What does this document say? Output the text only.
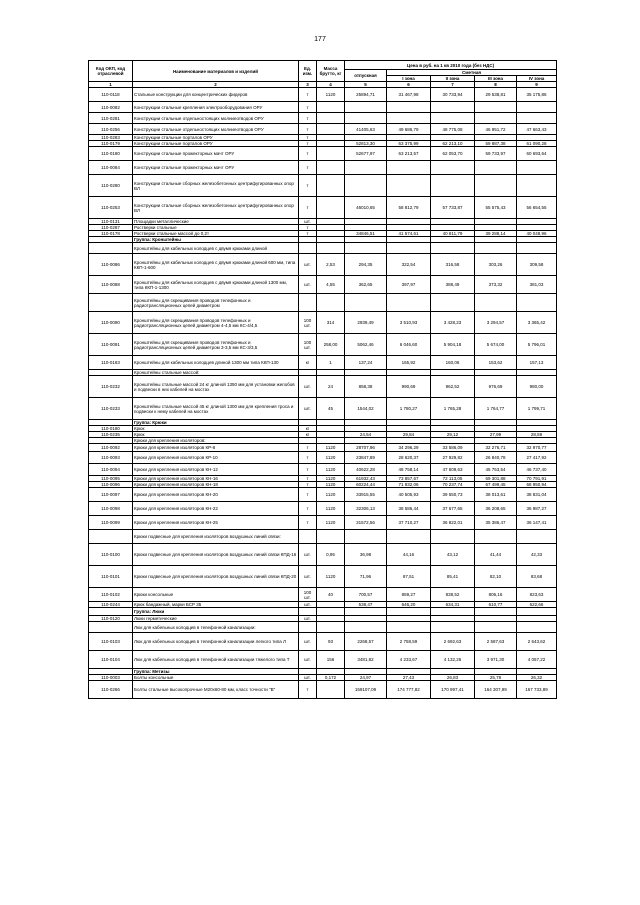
177
Код ОКП, код отраслевой	Наименование материалов и изделий	Ед. изм.	Масса брутто, кг	Цена в руб. на 1 кв 2010 года (без НДС)				
				отпускная	Сметная			
					I зона	II зона	III зона	IV зона
1	2	3	4	5	6	7	8	9
110-0118	Стальные конструкции для концентрических фидеров	т	1120	25894,71	31 467,98	30 733,94	29 538,81	35 175,86
110-0082	Конструкции стальные крепления электрооборудования ОРУ	т						
110-0281	Конструкции стальные отдельностоящих молниеотводов ОРУ	т						
110-0256	Конструкции стальные отдельностоящих молниеотводов ОРУ	т		41405,63	49 686,79	48 775,08	46 951,72	47 663,43
110-0283	Конструкции стальные порталов ОРУ	т						
110-0179	Конструкции стальные порталов ОРУ	т		52813,30	63 375,99	62 213,10	59 887,38	61 090,28
110-0180	Конструкции стальные прожекторных мачт ОРУ	т		52677,97	63 213,57	62 053,70	59 733,97	60 693,64
110-0084	Конструкции стальные прожекторных мачт ОРУ	т						
110-0280	Конструкции стальные сборных железобетонных центрифугированных опор ВЛ	т						
110-0253	Конструкции стальные сборных железобетонных центрифугированных опор ВЛ	т		46010,65	58 812,79	57 733,87	55 575,43	56 654,55
110-0131	Площадки металлические	шт.						
110-0287	Ростверки стальные	т						
110-0178	Ростверки стальные массой до 0,2т	т		34846,51	41 574,61	40 811,79	39 288,14	40 048,96
	Группа: Кронштейны							
	Кронштейны для кабельных колодцев с двумя крюками длиной							
110-0086	Кронштейны для кабельных колодцев с двумя крюками длиной 600 мм, типа ККП-1-600	шт.	2,53	294,35	322,54	316,58	303,26	309,58
110-0088	Кронштейны для кабельных колодцев с двумя крюками длиной 1300 мм, типа ККП-1-1300	шт.	4,55	362,65	397,97	388,49	373,32	381,03
	Кронштейны для скрещивания проводов телефонных и радиотрансляционных цепей диаметром							
110-0090	Кронштейны для скрещивания проводов телефонных и радиотрансляционных цепей диаметром 4-4,5 мм КС-4/4,5	100 шт.	314	2939,49	3 510,93	3 428,23	3 294,57	3 365,42
110-0091	Кронштейны для скрещивания проводов телефонных и радиотрансляционных цепей диаметром 3-3,5 мм КС-3/3,5	100 шт.	258,00	5062,46	6 046,60	5 904,18	5 674,00	5 796,01
110-0183	Кронштейны для кабельных колодцев длиной 1300 мм типа ККП-130	кг	1	137,24	165,92	160,06	153,62	157,13
	Кронштейны стальные массой:							
110-0232	Кронштейны стальные массой 24 кг длиной 1350 мм для установки желобов и подвески в них кабелей на мостах	шт.	24	858,38	990,69	962,52	976,69	980,00
110-0233	Кронштейны стальные массой 45 кг длиной 1300 мм для крепления троса и подвески к нему кабелей на мостах	шт.	45	1544,02	1 780,27	1 765,28	1 764,77	1 799,71
	Группа: Крюки							
110-0180	Крюк	кг						
110-0235	Крюк	кг		24,54	29,84	29,12	27,99	28,59
	Крюки для крепления изоляторов:							
110-0092	Крюки для крепления изоляторов КР-8	т	1120	28707,96	34 296,29	33 586,09	32 276,71	32 970,77
110-0093	Крюки для крепления изоляторов КР-10	т	1120	23847,89	28 620,37	27 929,82	26 840,78	27 417,92
110-0094	Крюки для крепления изоляторов КН-12	т	1120	40622,28	48 758,14	47 609,63	45 753,54	46 737,40
110-0095	Крюки для крепления изоляторов КН-16	т	1120	61932,43	73 857,67	72 113,05	69 301,88	70 791,91
110-0096	Крюки для крепления изоляторов КН-18	т	1120	60224,44	71 932,06	70 237,74	67 499,45	68 950,94
110-0097	Крюки для крепления изоляторов КН-20	т	1120	33915,55	40 505,93	39 550,73	38 013,61	38 831,04
110-0098	Крюки для крепления изоляторов КН-22	т	1120	32306,13	38 586,44	37 677,65	36 208,65	36 987,27
110-0099	Крюки для крепления изоляторов КН-25	т	1120	31572,56	37 710,27	36 822,01	35 386,47	36 147,41
	Крюки подвесные для крепления изоляторов воздушных линий связи:							
110-0100	Крюки подвесные для крепления изоляторов воздушных линий связи КПД-16	шт.	0,95	36,98	44,16	43,12	41,44	42,33
110-0101	Крюки подвесные для крепления изоляторов воздушных линий связи КПД-20	шт.	1120	71,96	87,51	85,41	82,10	83,68
110-0102	Крюки консольные	100 шт.	40	700,57	859,27	838,52	806,16	823,63
110-0244	Крюк бандажный, марки БСР 35	шт.		538,47	646,20	634,31	610,77	622,66
	Группа: Люки							
110-0120	Люки герметические	шт.						
	Люк для кабельных колодцев в телефонной канализации:							
110-0103	Люк для кабельных колодцев в телефонной канализации легкого типа Л	шт.	93	2268,57	2 758,59	2 692,63	2 587,63	2 643,62
110-0104	Люк для кабельных колодцев в телефонной канализации тяжелого типа Т	шт.	156	3481,82	4 233,67	4 132,26	3 971,30	4 057,22
	Группа: Метизы							
110-0003	Болты консольные	шт.	0,172	24,97	27,43	26,83	25,78	26,32
110-0266	Болты стальные высокопрочные М20х60-80 мм, класс точности "В"	т		159107,09	174 777,82	170 997,41	164 307,99	167 733,89
